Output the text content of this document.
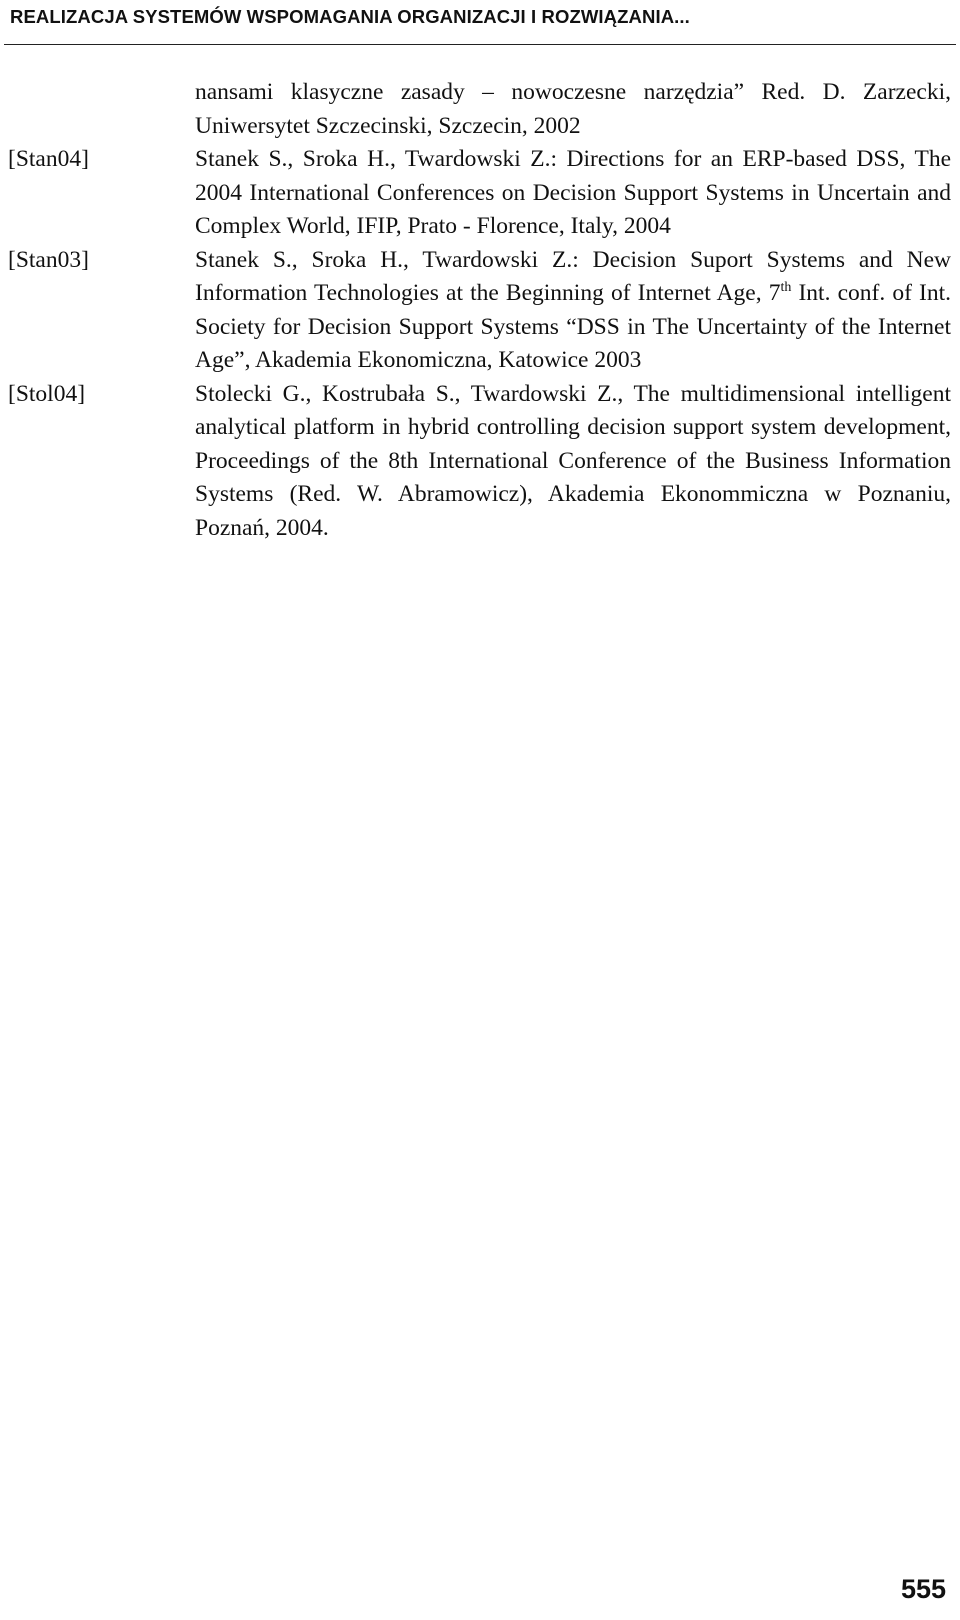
REALIZACJA SYSTEMÓW WSPOMAGANIA ORGANIZACJI I ROZWIĄZANIA...
nansami klasyczne zasady – nowoczesne narzędzia” Red. D. Zarzecki, Uniwersytet Szczecinski, Szczecin, 2002
[Stan04]	Stanek S., Sroka H., Twardowski Z.: Directions for an ERP-based DSS, The 2004 International Conferences on Decision Support Systems in Uncertain and Complex World, IFIP, Prato - Florence, Italy, 2004
[Stan03]	Stanek S., Sroka H., Twardowski Z.: Decision Suport Systems and New Information Technologies at the Beginning of Internet Age, 7th Int. conf. of Int. Society for Decision Support Systems “DSS in The Uncertainty of the Internet Age”, Akademia Ekonomiczna, Katowice 2003
[Stol04]	Stolecki G., Kostrubała S., Twardowski Z., The multidimensional intelligent analytical platform in hybrid controlling decision support system development, Proceedings of the 8th International Conference of the Business Information Systems (Red. W. Abramowicz), Akademia Ekonommiczna w Poznaniu, Poznań, 2004.
555
